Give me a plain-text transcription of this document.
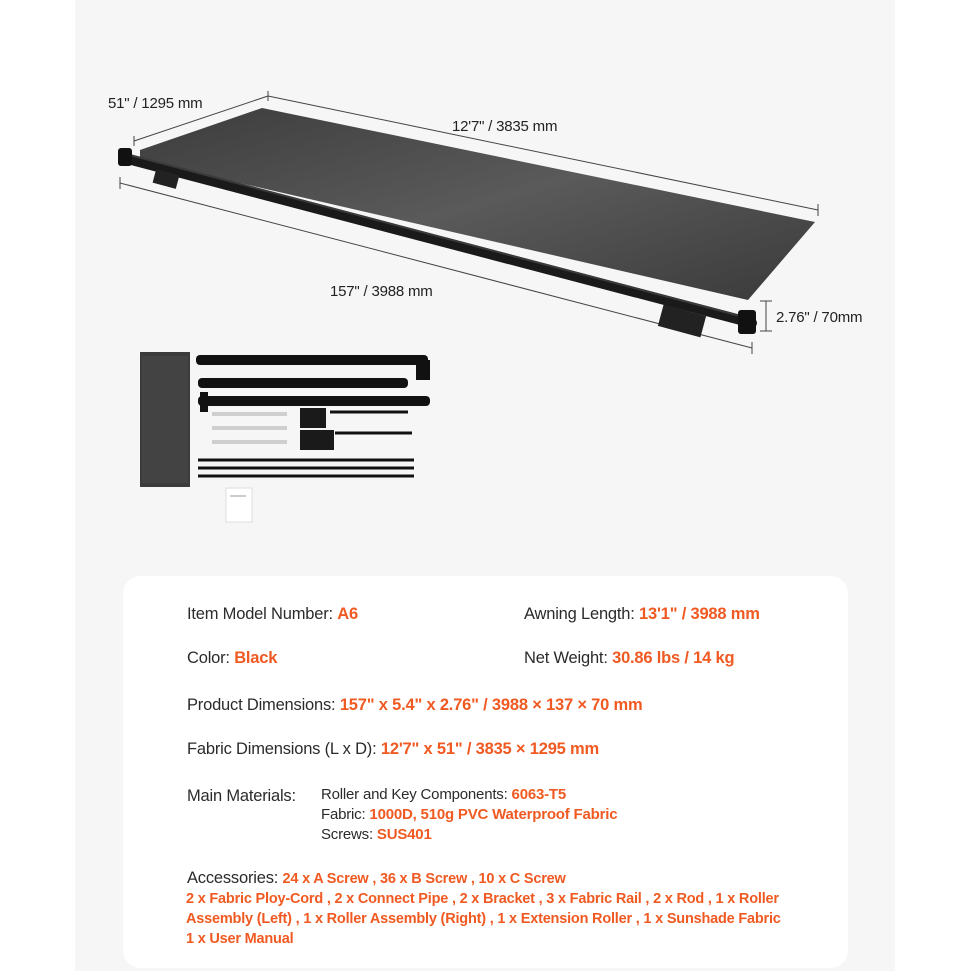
51" / 1295 mm
12'7" / 3835 mm
157" / 3988 mm
2.76" / 70mm
Item Model Number: A6	Awning Length: 13'1" / 3988 mm
Color: Black	Net Weight: 30.86 lbs / 14 kg
Product Dimensions: 157" x 5.4" x 2.76" / 3988 × 137 × 70 mm
Fabric Dimensions (L x D): 12'7" x 51" / 3835 × 1295 mm
Main Materials: Roller and Key Components: 6063-T5
Fabric: 1000D, 510g PVC Waterproof Fabric
Screws: SUS401
Accessories: 24 x A Screw , 36 x B Screw , 10 x C Screw
2 x Fabric Ploy-Cord , 2 x Connect Pipe , 2 x Bracket , 3 x Fabric Rail , 2 x Rod , 1 x Roller
Assembly (Left) , 1 x Roller Assembly (Right) , 1 x Extension Roller , 1 x Sunshade Fabric
1 x User Manual
